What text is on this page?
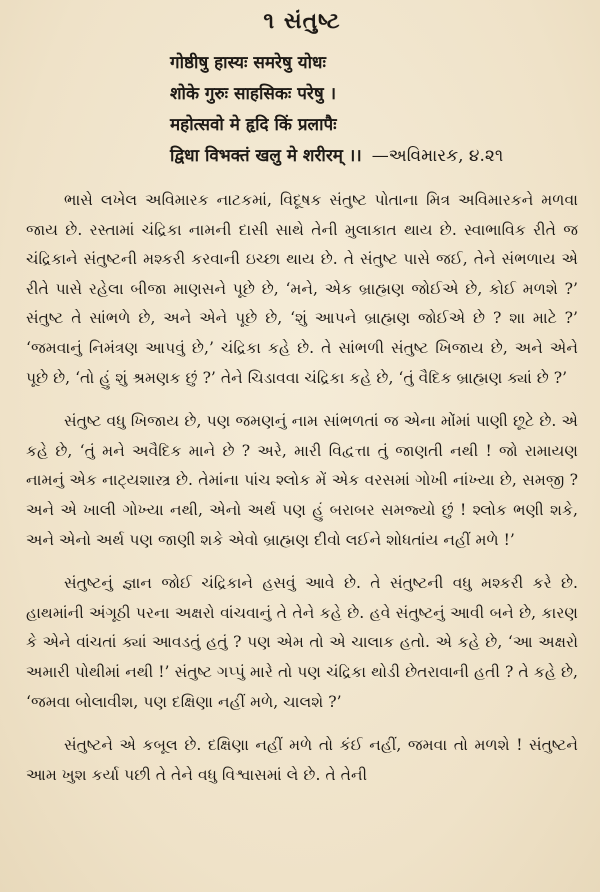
૧ સંતુષ્ટ
गोष्ठीषु हास्यः समरेषु योधः
शोके गुरुः साहसिकः परेषु ।
महोत्सवो मे हृदि किं प्रलापैः
द्विधा विभक्तं खलु मे शरीरम् ।। —અવિમારક, ૪.૨૧

ભાસે લખેલ અવિમારક નાટકમાં, વિદૂષક સંતુષ્ટ પોતાના મિત્ર અવિમારકને મળવા જાય છે. રસ્તામાં ચંદ્રિકા નામની દાસી સાથે તેની મુલાકાત થાય છે. સ્વાભાવિક રીતે જ ચંદ્રિકાને સંતુષ્ટની મશ્કરી કરવાની ઇચ્છા થાય છે. તે સંતુષ્ટ પાસે જઈ, તેને સંભળાય એ રીતે પાસે રહેલા બીજા માણસને પૂછે છે, ‘મને, એક બ્રાહ્મણ જોઈએ છે, કોઈ મળશે ?’ સંતુષ્ટ તે સાંભળે છે, અને એને પૂછે છે, ‘શું આપને બ્રાહ્મણ જોઈએ છે ? શા માટે ?’ ‘જમવાનું નિમંત્રણ આપવું છે,’ ચંદ્રિકા કહે છે. તે સાંભળી સંતુષ્ટ ખિજાય છે, અને એને પૂછે છે, ‘તો હું શું શ્રમણક છું ?’ તેને ચિડાવવા ચંદ્રિકા કહે છે, ‘તું વૈદિક બ્રાહ્મણ ક્યાં છે ?’

સંતુષ્ટ વધુ ખિજાય છે, પણ જમણનું નામ સાંભળતાં જ એના મોંમાં પાણી છૂટે છે. એ કહે છે, ‘તું મને અવૈદિક માને છે ? અરે, મારી વિદ્વત્તા તું જાણતી નથી ! જો રામાયણ નામનું એક નાટ્યશાસ્ત્ર છે. તેમાંના પાંચ શ્લોક મેં એક વરસમાં ગોખી નાંખ્યા છે, સમજી ? અને એ ખાલી ગોખ્યા નથી, એનો અર્થ પણ હું બરાબર સમજ્યો છું ! શ્લોક ભણી શકે, અને એનો અર્થ પણ જાણી શકે એવો બ્રાહ્મણ દીવો લઈને શોધતાંય નહીં મળે !’

સંતુષ્ટનું જ્ઞાન જોઈ ચંદ્રિકાને હસવું આવે છે. તે સંતુષ્ટની વધુ મશ્કરી કરે છે. હાથમાંની અંગૂઠી પરના અક્ષરો વાંચવાનું તે તેને કહે છે. હવે સંતુષ્ટનું આવી બને છે, કારણ કે એને વાંચતાં ક્યાં આવડતું હતું ? પણ એમ તો એ ચાલાક હતો. એ કહે છે, ‘આ અક્ષરો અમારી પોથીમાં નથી !’ સંતુષ્ટ ગપ્પું મારે તો પણ ચંદ્રિકા થોડી છેતરાવાની હતી ? તે કહે છે, ‘જમવા બોલાવીશ, પણ દક્ષિણા નહીં મળે, ચાલશે ?’

સંતુષ્ટને એ કબૂલ છે. દક્ષિણા નહીં મળે તો કંઈ નહીં, જમવા તો મળશે ! સંતુષ્ટને આમ ખુશ કર્યા પછી તે તેને વધુ વિશ્વાસમાં લે છે. તે તેની
